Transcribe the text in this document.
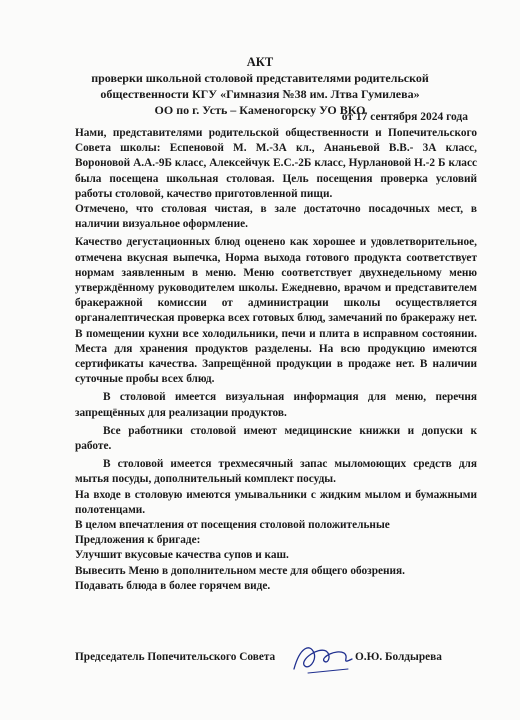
АКТ
проверки школьной столовой представителями родительской
общественности КГУ «Гимназия №38 им. Лтва Гумилева»
ОО по г. Усть – Каменогорску УО ВКО
от 17 сентября 2024 года

Нами, представителями родительской общественности и Попечительского Совета школы: Еспеновой М. М.-3А кл., Ананьевой В.В.- 3А класс, Вороновой А.А.-9Б класс, Алексейчук Е.С.-2Б класс, Нурлановой Н.-2 Б класс была посещена школьная столовая. Цель посещения проверка условий работы столовой, качество приготовленной пищи.

Отмечено, что столовая чистая, в зале достаточно посадочных мест, в наличии визуальное оформление.

Качество дегустационных блюд оценено как хорошее и удовлетворительное, отмечена вкусная выпечка, Норма выхода готового продукта соответствует нормам заявленным в меню. Меню соответствует двухнедельному меню утверждённому руководителем школы. Ежедневно, врачом и представителем бракеражной комиссии от администрации школы осуществляется органалептическая проверка всех готовых блюд, замечаний по бракеражу нет. В помещении кухни все холодильники, печи и плита в исправном состоянии. Места для хранения продуктов разделены. На всю продукцию имеются сертификаты качества. Запрещённой продукции в продаже нет. В наличии суточные пробы всех блюд.

В столовой имеется визуальная информация для меню, перечня запрещённых для реализации продуктов.

Все работники столовой имеют медицинские книжки и допуски к работе.

В столовой имеется трехмесячный запас мыломоющих средств для мытья посуды, дополнительный комплект посуды.

На входе в столовую имеются умывальники с жидким мылом и бумажными полотенцами.

В целом впечатления от посещения столовой положительные

Предложения к бригаде:

Улучшит вкусовые качества супов и каш.

Вывесить Меню в дополнительном месте для общего обозрения.

Подавать блюда в более горячем виде.

Председатель Попечительского Совета	О.Ю. Болдырева
